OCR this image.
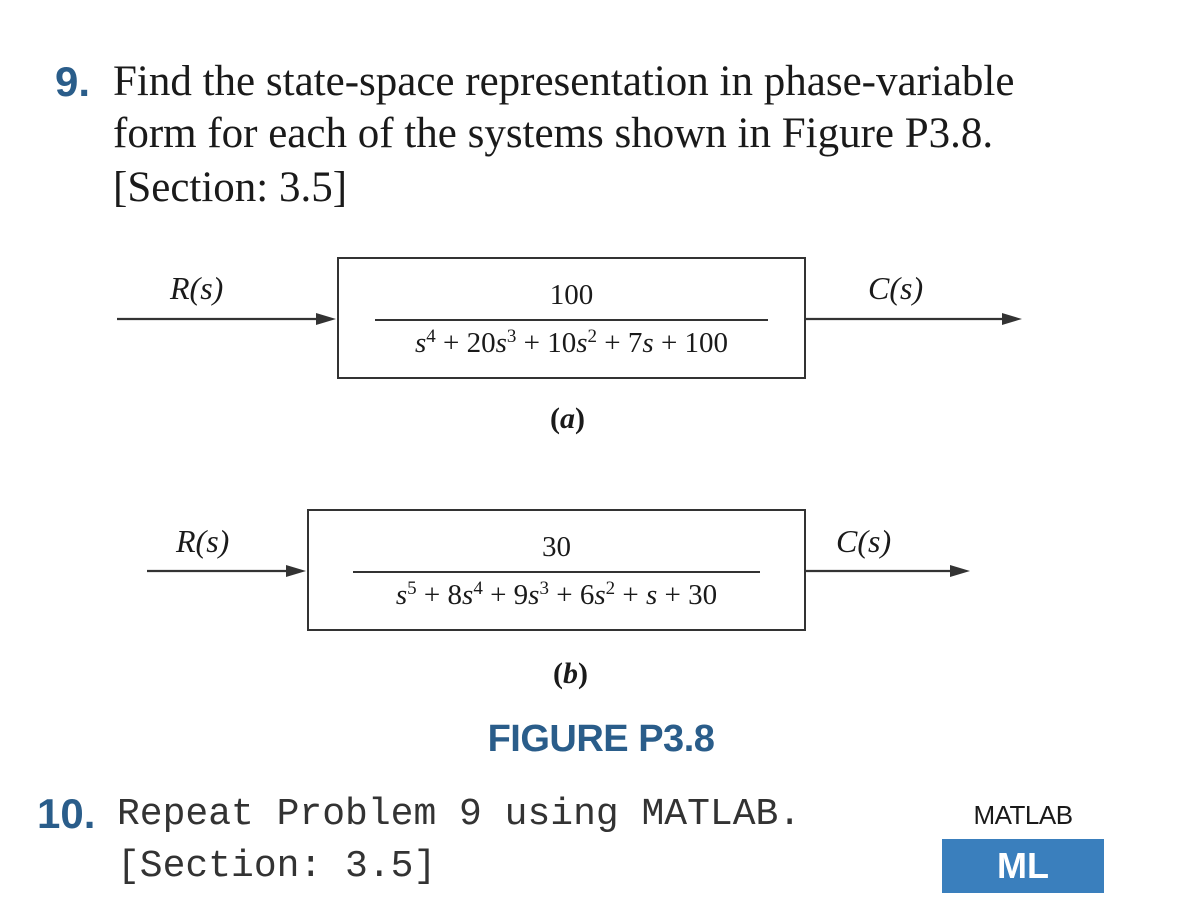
9. Find the state-space representation in phase-variable
form for each of the systems shown in Figure P3.8.
[Section: 3.5]
R(s)	C(s)
100
$s^4 + 20s^3 + 10s^2 + 7s + 100$
(a)
R(s)	C(s)
30
$s^5 + 8s^4 + 9s^3 + 6s^2 + s + 30$
(b)
FIGURE P3.8
10. Repeat Problem 9 using MATLAB.
[Section: 3.5]
MATLAB
ML
